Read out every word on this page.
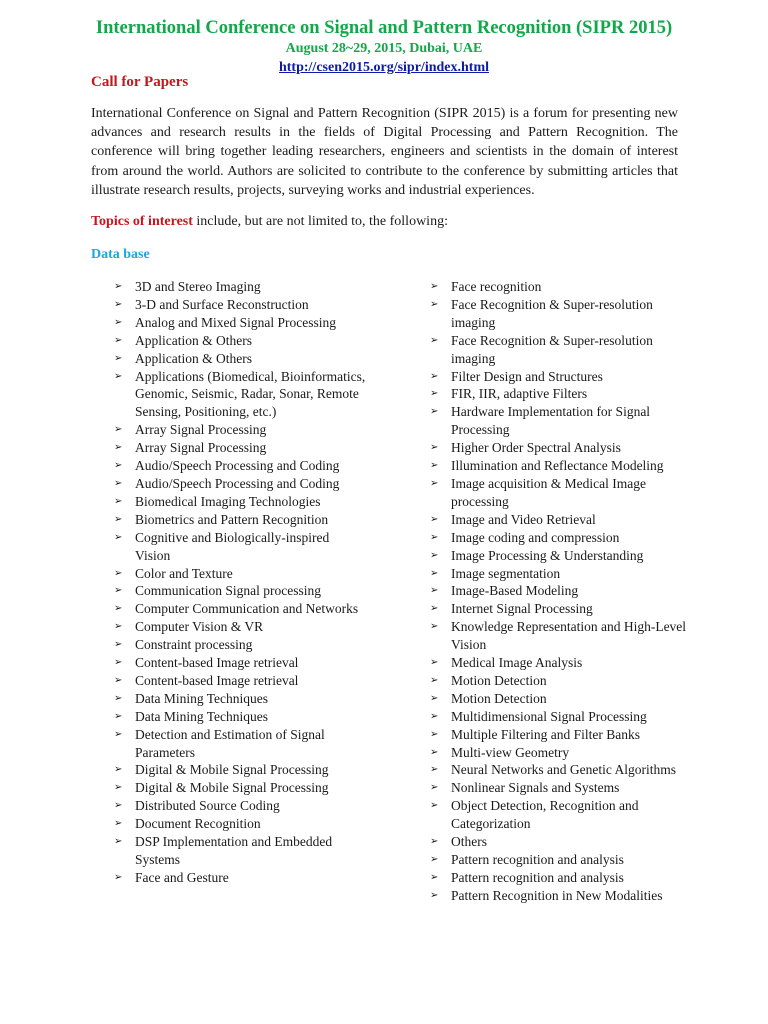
International Conference on Signal and Pattern Recognition (SIPR 2015)

August 28~29, 2015, Dubai, UAE

http://csen2015.org/sipr/index.html

Call for Papers

International Conference on Signal and Pattern Recognition (SIPR 2015) is a forum for presenting new advances and research results in the fields of Digital Processing and Pattern Recognition. The conference will bring together leading researchers, engineers and scientists in the domain of interest from around the world. Authors are solicited to contribute to the conference by submitting articles that illustrate research results, projects, surveying works and industrial experiences.

Topics of interest include, but are not limited to, the following:

Data base

➢ 3D and Stereo Imaging
➢ 3-D and Surface Reconstruction
➢ Analog and Mixed Signal Processing
➢ Application & Others
➢ Application & Others
➢ Applications (Biomedical, Bioinformatics, Genomic, Seismic, Radar, Sonar, Remote Sensing, Positioning, etc.)
➢ Array Signal Processing
➢ Array Signal Processing
➢ Audio/Speech Processing and Coding
➢ Audio/Speech Processing and Coding
➢ Biomedical Imaging Technologies
➢ Biometrics and Pattern Recognition
➢ Cognitive and Biologically-inspired Vision
➢ Color and Texture
➢ Communication Signal processing
➢ Computer Communication and Networks
➢ Computer Vision & VR
➢ Constraint processing
➢ Content-based Image retrieval
➢ Content-based Image retrieval
➢ Data Mining Techniques
➢ Data Mining Techniques
➢ Detection and Estimation of Signal Parameters
➢ Digital & Mobile Signal Processing
➢ Digital & Mobile Signal Processing
➢ Distributed Source Coding
➢ Document Recognition
➢ DSP Implementation and Embedded Systems
➢ Face and Gesture
➢ Face recognition
➢ Face Recognition & Super-resolution imaging
➢ Face Recognition & Super-resolution imaging
➢ Filter Design and Structures
➢ FIR, IIR, adaptive Filters
➢ Hardware Implementation for Signal Processing
➢ Higher Order Spectral Analysis
➢ Illumination and Reflectance Modeling
➢ Image acquisition & Medical Image processing
➢ Image and Video Retrieval
➢ Image coding and compression
➢ Image Processing & Understanding
➢ Image segmentation
➢ Image-Based Modeling
➢ Internet Signal Processing
➢ Knowledge Representation and High-Level Vision
➢ Medical Image Analysis
➢ Motion Detection
➢ Motion Detection
➢ Multidimensional Signal Processing
➢ Multiple Filtering and Filter Banks
➢ Multi-view Geometry
➢ Neural Networks and Genetic Algorithms
➢ Nonlinear Signals and Systems
➢ Object Detection, Recognition and Categorization
➢ Others
➢ Pattern recognition and analysis
➢ Pattern recognition and analysis
➢ Pattern Recognition in New Modalities
